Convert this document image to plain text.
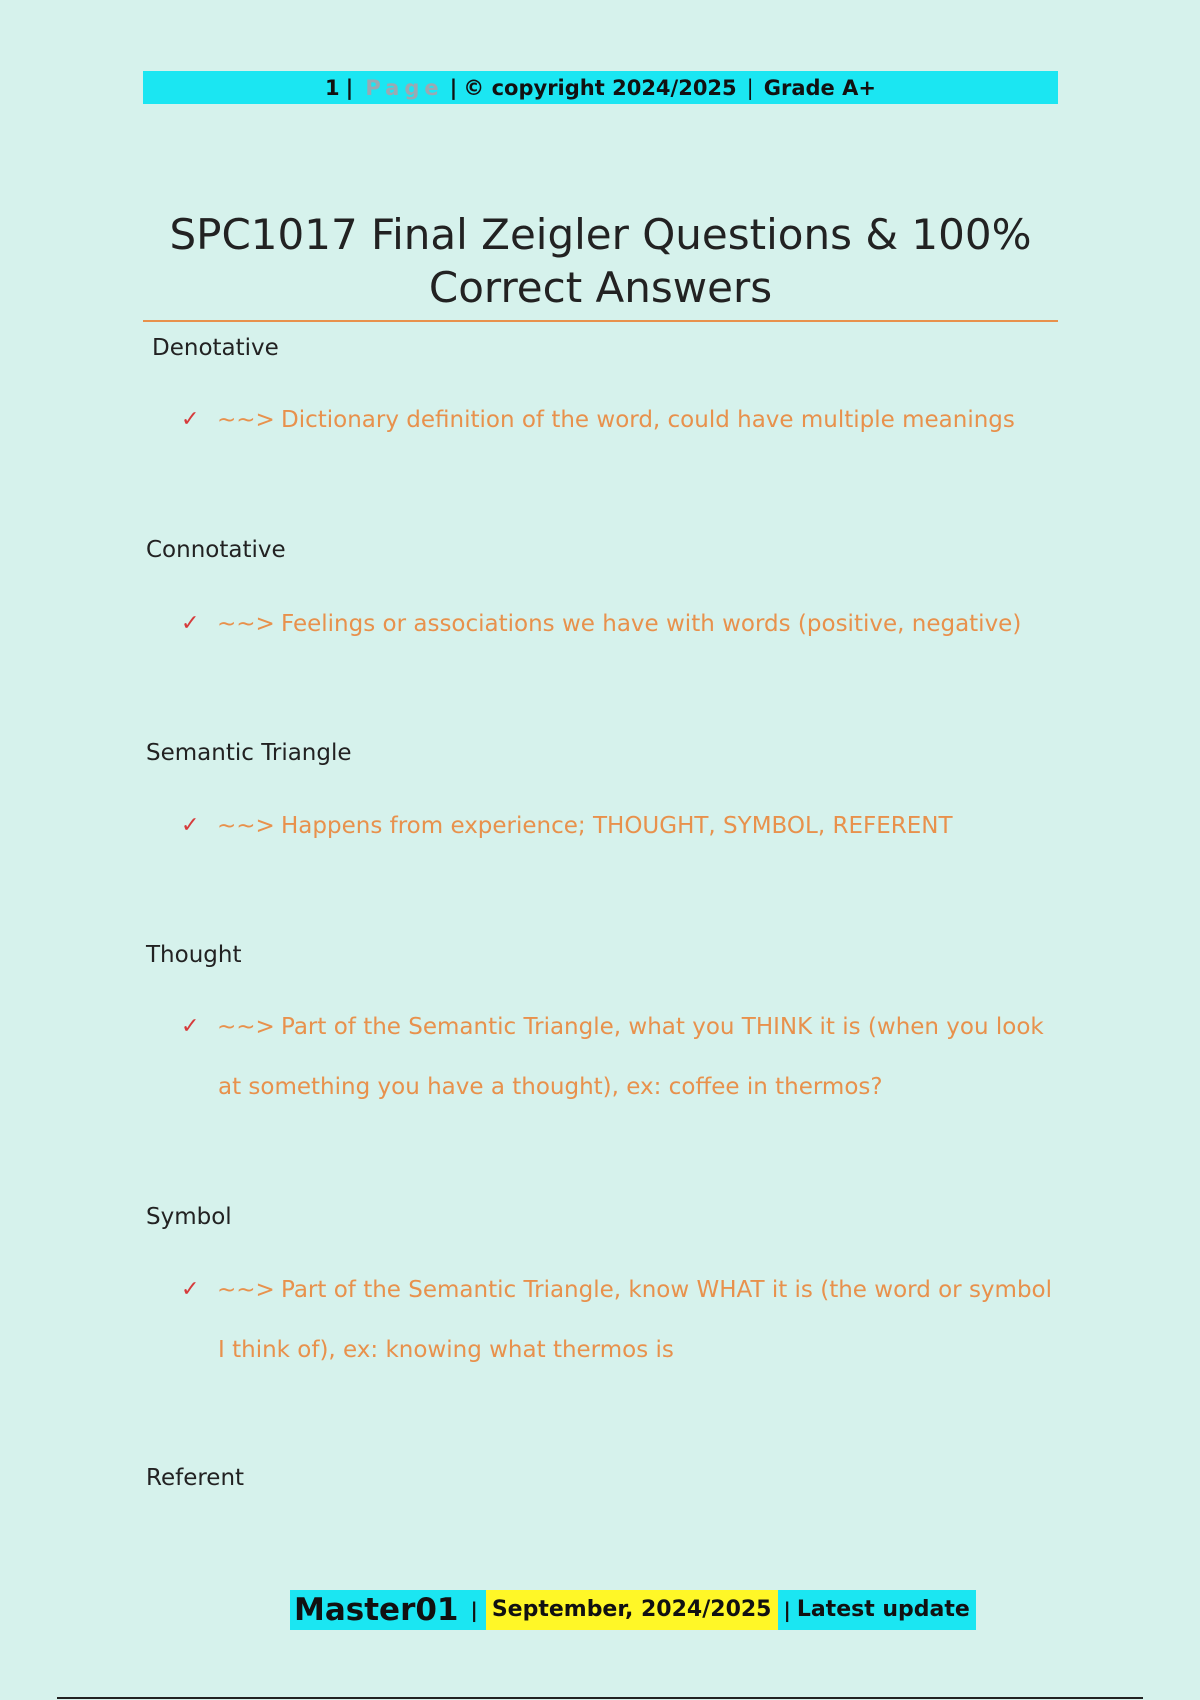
1 | Page | © copyright 2024/2025 | Grade A+
SPC1017 Final Zeigler Questions & 100%
Correct Answers
Denotative
✓ ~~> Dictionary definition of the word, could have multiple meanings
Connotative
✓ ~~> Feelings or associations we have with words (positive, negative)
Semantic Triangle
✓ ~~> Happens from experience; THOUGHT, SYMBOL, REFERENT
Thought
✓ ~~> Part of the Semantic Triangle, what you THINK it is (when you look at something you have a thought), ex: coffee in thermos?
Symbol
✓ ~~> Part of the Semantic Triangle, know WHAT it is (the word or symbol I think of), ex: knowing what thermos is
Referent
Master01 | September, 2024/2025 | Latest update
